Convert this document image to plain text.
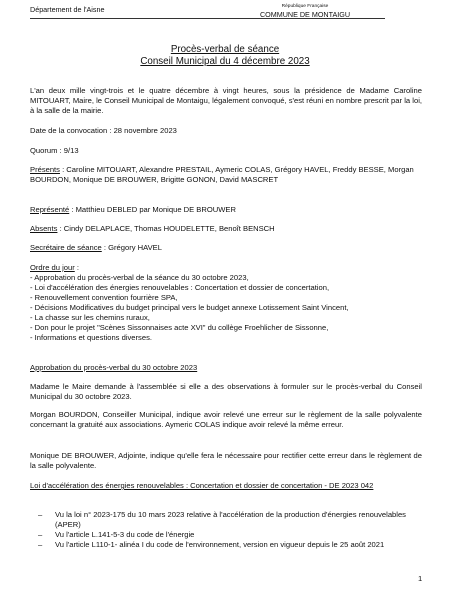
Département de l'Aisne	République Française
COMMUNE DE MONTAIGU
Procès-verbal de séance
Conseil Municipal du 4 décembre 2023
L'an deux mille vingt-trois et le quatre décembre à vingt heures, sous la présidence de Madame Caroline MITOUART, Maire, le Conseil Municipal de Montaigu, légalement convoqué, s'est réuni en nombre prescrit par la loi, à la salle de la mairie.
Date de la convocation : 28 novembre 2023
Quorum : 9/13
Présents : Caroline MITOUART, Alexandre PRESTAIL, Aymeric COLAS, Grégory HAVEL, Freddy BESSE, Morgan BOURDON, Monique DE BROUWER, Brigitte GONON, David MASCRET
Représenté : Matthieu DEBLED par Monique DE BROUWER
Absents : Cindy DELAPLACE, Thomas HOUDELETTE, Benoît BENSCH
Secrétaire de séance : Grégory HAVEL
Ordre du jour :
- Approbation du procès-verbal de la séance du 30 octobre 2023,
- Loi d'accélération des énergies renouvelables : Concertation et dossier de concertation,
- Renouvellement convention fourrière SPA,
- Décisions Modificatives du budget principal vers le budget annexe Lotissement Saint Vincent,
- La chasse sur les chemins ruraux,
- Don pour le projet "Scènes Sissonnaises acte XVI" du collège Froehlicher de Sissonne,
- Informations et questions diverses.
Approbation du procès-verbal du 30 octobre 2023
Madame le Maire demande à l'assemblée si elle a des observations à formuler sur le procès-verbal du Conseil Municipal du 30 octobre 2023.
Morgan BOURDON, Conseiller Municipal, indique avoir relevé une erreur sur le règlement de la salle polyvalente concernant la gratuité aux associations. Aymeric COLAS indique avoir relevé la même erreur.
Monique DE BROUWER, Adjointe, indique qu'elle fera le nécessaire pour rectifier cette erreur dans le règlement de la salle polyvalente.
Loi d'accélération des énergies renouvelables : Concertation et dossier de concertation - DE 2023 042
–	Vu la loi n° 2023-175 du 10 mars 2023 relative à l'accélération de la production d'énergies renouvelables (APER)
–	Vu l'article L.141-5-3 du code de l'énergie
–	Vu l'article L110-1- alinéa I du code de l'environnement, version en vigueur depuis le 25 août 2021
1
